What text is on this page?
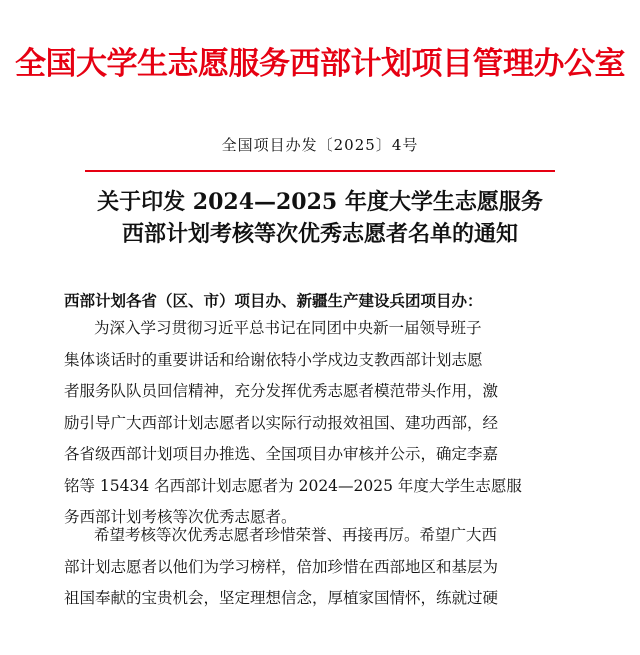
全国大学生志愿服务西部计划项目管理办公室
全国项目办发〔2025〕4号
关于印发 2024—2025 年度大学生志愿服务
西部计划考核等次优秀志愿者名单的通知
西部计划各省（区、市）项目办、新疆生产建设兵团项目办：
为深入学习贯彻习近平总书记在同团中央新一届领导班子
集体谈话时的重要讲话和给谢依特小学戍边支教西部计划志愿
者服务队队员回信精神，充分发挥优秀志愿者模范带头作用，激
励引导广大西部计划志愿者以实际行动报效祖国、建功西部，经
各省级西部计划项目办推选、全国项目办审核并公示，确定李嘉
铭等 15434 名西部计划志愿者为 2024—2025 年度大学生志愿服
务西部计划考核等次优秀志愿者。
希望考核等次优秀志愿者珍惜荣誉、再接再厉。希望广大西
部计划志愿者以他们为学习榜样，倍加珍惜在西部地区和基层为
祖国奉献的宝贵机会，坚定理想信念，厚植家国情怀，练就过硬
